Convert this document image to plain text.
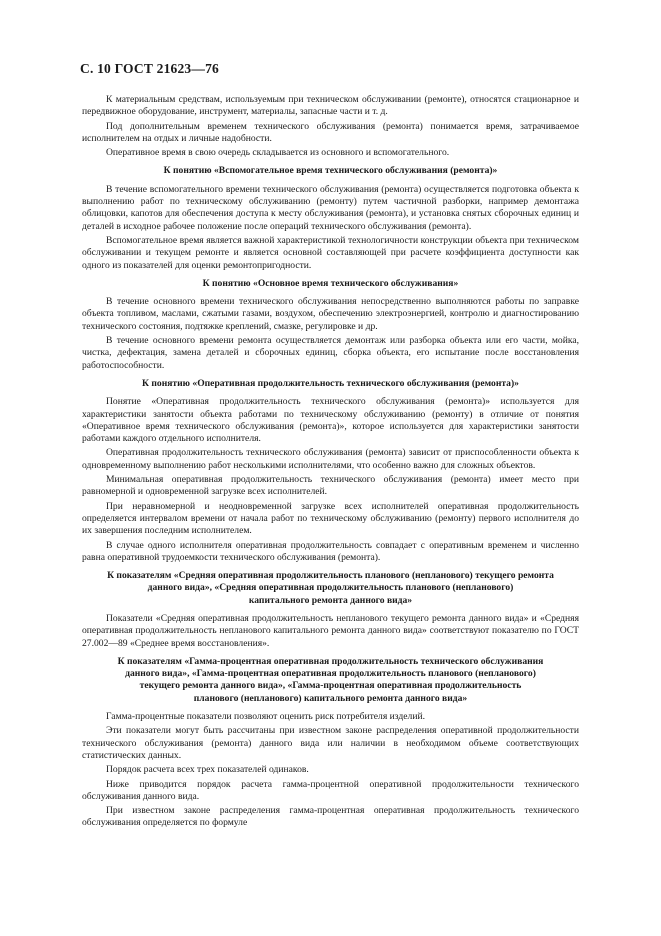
С. 10 ГОСТ 21623—76

К материальным средствам, используемым при техническом обслуживании (ремонте), относятся стационарное и передвижное оборудование, инструмент, материалы, запасные части и т. д.

Под дополнительным временем технического обслуживания (ремонта) понимается время, затрачиваемое исполнителем на отдых и личные надобности.

Оперативное время в свою очередь складывается из основного и вспомогательного.

К понятию «Вспомогательное время технического обслуживания (ремонта)»

В течение вспомогательного времени технического обслуживания (ремонта) осуществляется подготовка объекта к выполнению работ по техническому обслуживанию (ремонту) путем частичной разборки, например демонтажа облицовки, капотов для обеспечения доступа к месту обслуживания (ремонта), и установка снятых сборочных единиц и деталей в исходное рабочее положение после операций технического обслуживания (ремонта).

Вспомогательное время является важной характеристикой технологичности конструкции объекта при техническом обслуживании и текущем ремонте и является основной составляющей при расчете коэффициента доступности как одного из показателей для оценки ремонтопригодности.

К понятию «Основное время технического обслуживания»

В течение основного времени технического обслуживания непосредственно выполняются работы по заправке объекта топливом, маслами, сжатыми газами, воздухом, обеспечению электроэнергией, контролю и диагностированию технического состояния, подтяжке креплений, смазке, регулировке и др.

В течение основного времени ремонта осуществляется демонтаж или разборка объекта или его части, мойка, чистка, дефектация, замена деталей и сборочных единиц, сборка объекта, его испытание после восстановления работоспособности.

К понятию «Оперативная продолжительность технического обслуживания (ремонта)»

Понятие «Оперативная продолжительность технического обслуживания (ремонта)» используется для характеристики занятости объекта работами по техническому обслуживанию (ремонту) в отличие от понятия «Оперативное время технического обслуживания (ремонта)», которое используется для характеристики занятости работами каждого отдельного исполнителя.

Оперативная продолжительность технического обслуживания (ремонта) зависит от приспособленности объекта к одновременному выполнению работ несколькими исполнителями, что особенно важно для сложных объектов.

Минимальная оперативная продолжительность технического обслуживания (ремонта) имеет место при равномерной и одновременной загрузке всех исполнителей.

При неравномерной и неодновременной загрузке всех исполнителей оперативная продолжительность определяется интервалом времени от начала работ по техническому обслуживанию (ремонту) первого исполнителя до их завершения последним исполнителем.

В случае одного исполнителя оперативная продолжительность совпадает с оперативным временем и численно равна оперативной трудоемкости технического обслуживания (ремонта).

К показателям «Средняя оперативная продолжительность планового (непланового) текущего ремонта
данного вида», «Средняя оперативная продолжительность планового (непланового)
капитального ремонта данного вида»

Показатели «Средняя оперативная продолжительность непланового текущего ремонта данного вида» и «Средняя оперативная продолжительность непланового капитального ремонта данного вида» соответствуют показателю по ГОСТ 27.002—89 «Среднее время восстановления».

К показателям «Гамма-процентная оперативная продолжительность технического обслуживания
данного вида», «Гамма-процентная оперативная продолжительность планового (непланового)
текущего ремонта данного вида», «Гамма-процентная оперативная продолжительность
планового (непланового) капитального ремонта данного вида»

Гамма-процентные показатели позволяют оценить риск потребителя изделий.

Эти показатели могут быть рассчитаны при известном законе распределения оперативной продолжительности технического обслуживания (ремонта) данного вида или наличии в необходимом объеме соответствующих статистических данных.

Порядок расчета всех трех показателей одинаков.

Ниже приводится порядок расчета гамма-процентной оперативной продолжительности технического обслуживания данного вида.

При известном законе распределения гамма-процентная оперативная продолжительность технического обслуживания определяется по формуле
